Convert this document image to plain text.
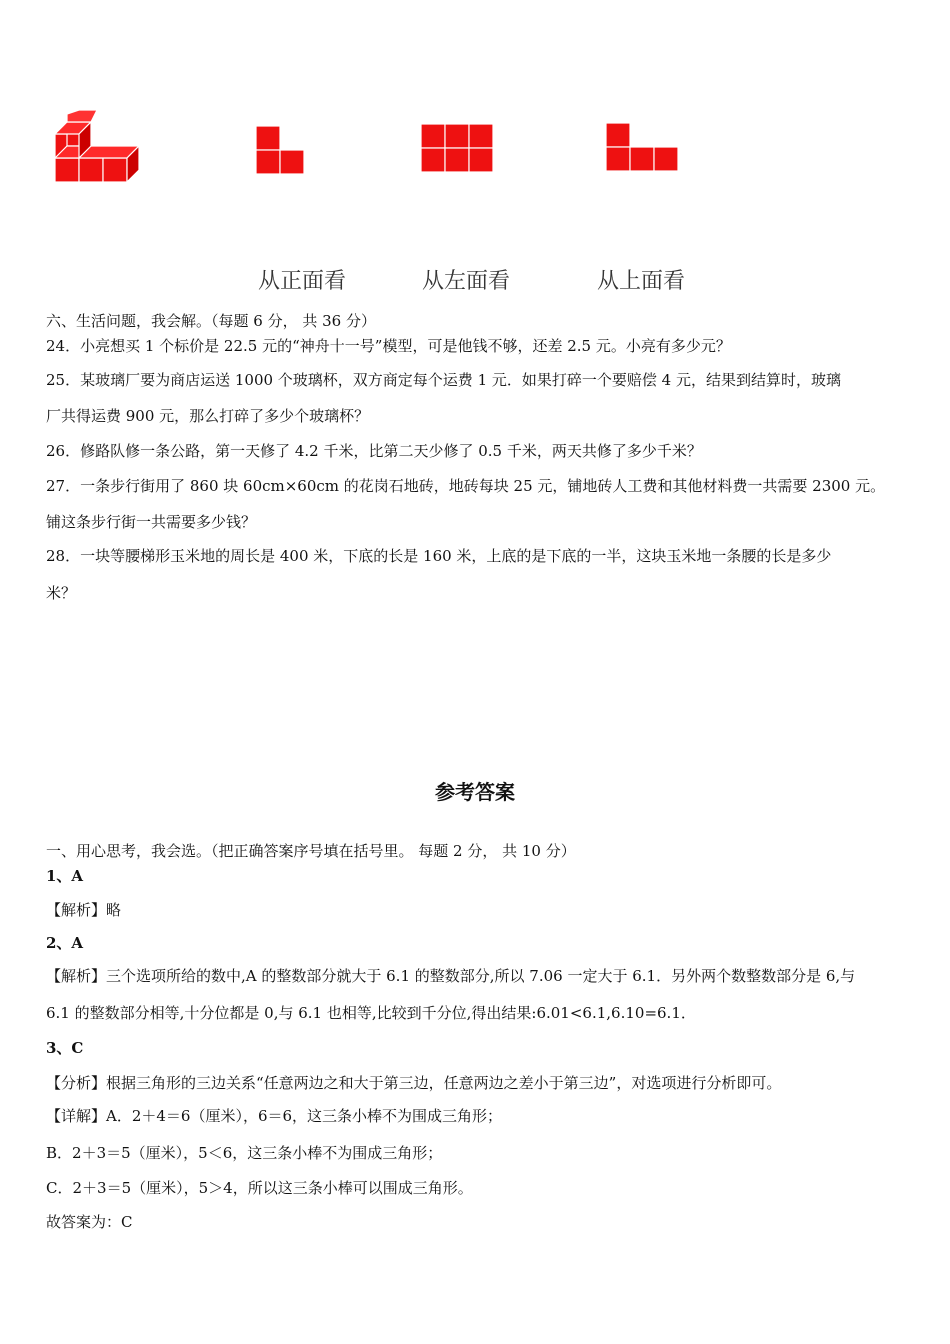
从正面看	从左面看	从上面看
六、生活问题，我会解。（每题 6 分， 共 36 分）
24．小亮想买 1 个标价是 22.5 元的“神舟十一号”模型，可是他钱不够，还差 2.5 元。小亮有多少元？
25．某玻璃厂要为商店运送 1000 个玻璃杯，双方商定每个运费 1 元．如果打碎一个要赔偿 4 元，结果到结算时，玻璃
厂共得运费 900 元，那么打碎了多少个玻璃杯？
26．修路队修一条公路，第一天修了 4.2 千米，比第二天少修了 0.5 千米，两天共修了多少千米？
27．一条步行街用了 860 块 60cm×60cm 的花岗石地砖，地砖每块 25 元，铺地砖人工费和其他材料费一共需要 2300 元。
铺这条步行街一共需要多少钱？
28．一块等腰梯形玉米地的周长是 400 米，下底的长是 160 米，上底的是下底的一半，这块玉米地一条腰的长是多少
米？
参考答案
一、用心思考，我会选。（把正确答案序号填在括号里。 每题 2 分， 共 10 分）
1、A
【解析】略
2、A
【解析】三个选项所给的数中,A 的整数部分就大于 6.1 的整数部分,所以 7.06 一定大于 6.1．另外两个数整数部分是 6,与
6.1 的整数部分相等,十分位都是 0,与 6.1 也相等,比较到千分位,得出结果:6.01<6.1,6.10=6.1．
3、C
【分析】根据三角形的三边关系“任意两边之和大于第三边，任意两边之差小于第三边”，对选项进行分析即可。
【详解】A．2＋4＝6（厘米），6＝6，这三条小棒不为围成三角形；
B．2＋3＝5（厘米），5＜6，这三条小棒不为围成三角形；
C．2＋3＝5（厘米），5＞4，所以这三条小棒可以围成三角形。
故答案为：C
